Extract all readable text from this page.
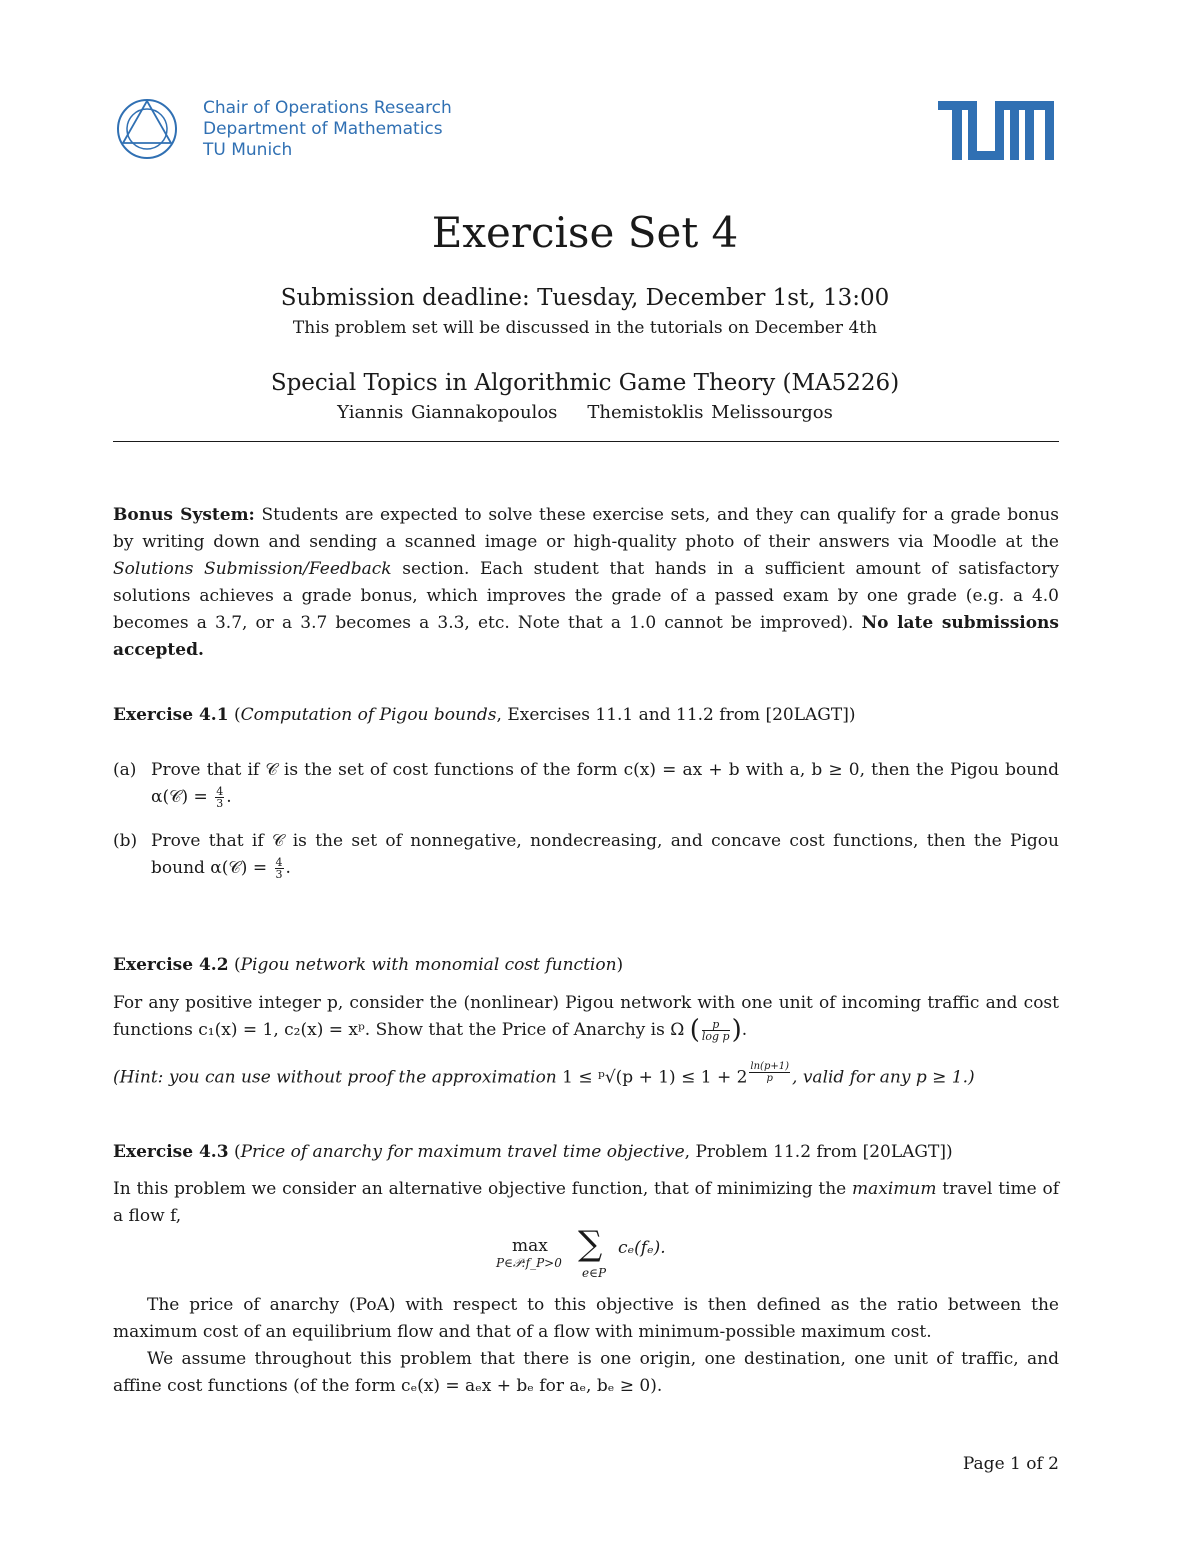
Chair of Operations Research
Department of Mathematics
TU Munich
Exercise Set 4
Submission deadline: Tuesday, December 1st, 13:00
This problem set will be discussed in the tutorials on December 4th
Special Topics in Algorithmic Game Theory (MA5226)
Yiannis Giannakopoulos Themistoklis Melissourgos
Bonus System: Students are expected to solve these exercise sets, and they can qualify for a grade bonus by writing down and sending a scanned image or high-quality photo of their answers via Moodle at the Solutions Submission/Feedback section. Each student that hands in a sufficient amount of satisfactory solutions achieves a grade bonus, which improves the grade of a passed exam by one grade (e.g. a 4.0 becomes a 3.7, or a 3.7 becomes a 3.3, etc. Note that a 1.0 cannot be improved). No late submissions accepted.
Exercise 4.1 (Computation of Pigou bounds, Exercises 11.1 and 11.2 from [20LAGT])
(a) Prove that if 𝒞 is the set of cost functions of the form c(x) = ax + b with a, b ≥ 0, then the Pigou bound α(𝒞) = $\frac{4}{3}$ .
(b) Prove that if 𝒞 is the set of nonnegative, nondecreasing, and concave cost functions, then the Pigou bound α(𝒞) = $\frac{4}{3}$ .
Exercise 4.2 (Pigou network with monomial cost function)
For any positive integer p, consider the (nonlinear) Pigou network with one unit of incoming traffic and cost functions c₁(x) = 1, c₂(x) = xᵖ. Show that the Price of Anarchy is Ω ( $\frac{p}{\text{log p}}$ ).
(Hint: you can use without proof the approximation 1 ≤ ᵖ√(p + 1) ≤ 1 + 2 $^{\frac{\ln(p+1)}{p}}$ , valid for any p ≥ 1.)
Exercise 4.3 (Price of anarchy for maximum travel time objective, Problem 11.2 from [20LAGT])
In this problem we consider an alternative objective function, that of minimizing the maximum travel time of a flow f,
max
P∈𝒫:f_P>0 ∑
e∈P
cₑ(fₑ).
The price of anarchy (PoA) with respect to this objective is then defined as the ratio between the maximum cost of an equilibrium flow and that of a flow with minimum-possible maximum cost.
We assume throughout this problem that there is one origin, one destination, one unit of traffic, and affine cost functions (of the form cₑ(x) = aₑx + bₑ for aₑ, bₑ ≥ 0).
Page 1 of 2
